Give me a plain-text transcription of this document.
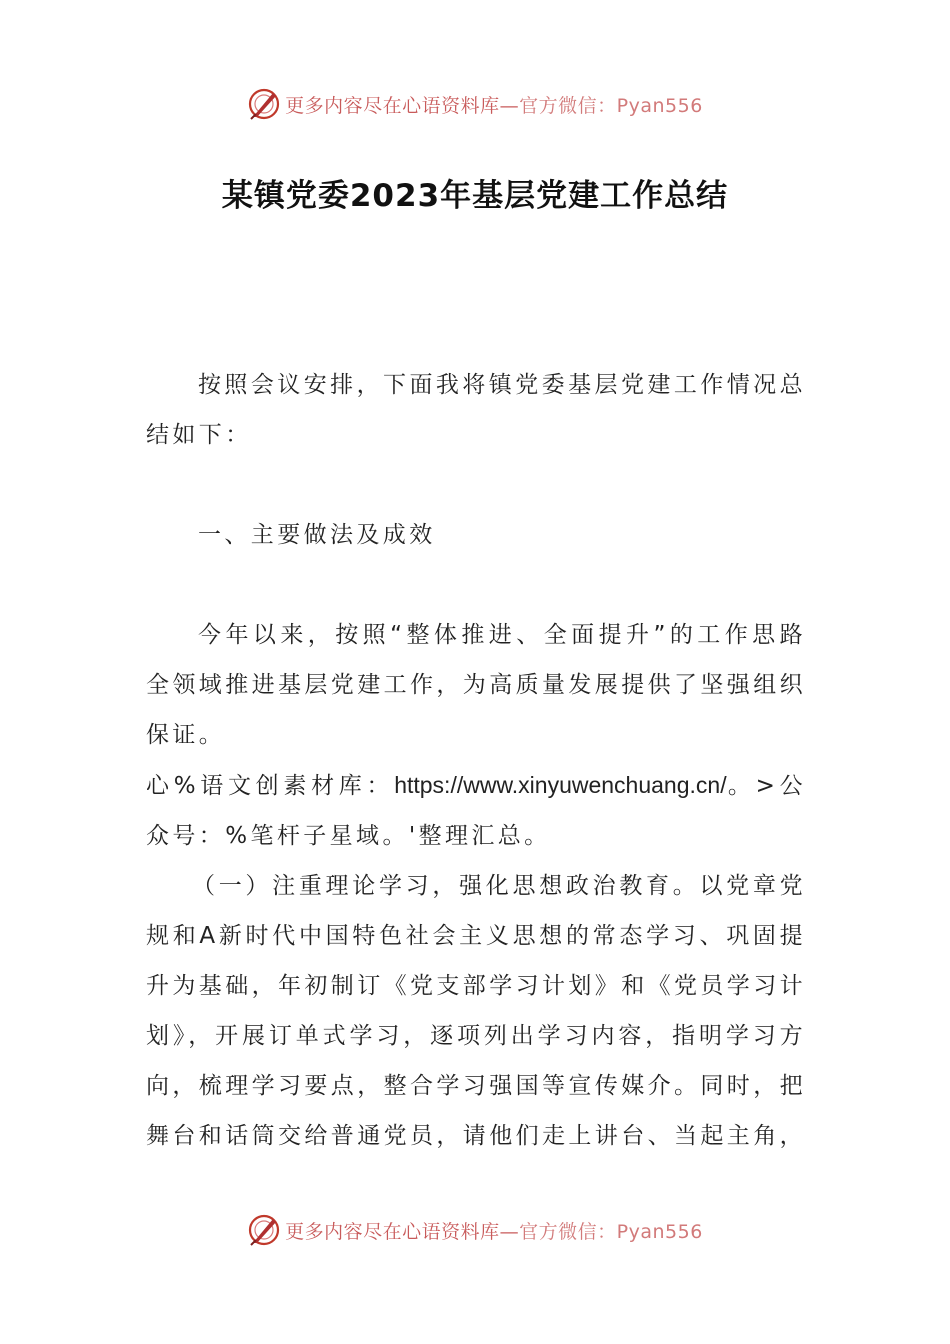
更多内容尽在心语资料库—官方微信：Pyan556
某镇党委2023年基层党建工作总结

按照会议安排，下面我将镇党委基层党建工作情况总结如下：

一、主要做法及成效

今年以来，按照“整体推进、全面提升”的工作思路全领域推进基层党建工作，为高质量发展提供了坚强组织保证。

心%语文创素材库：https://www.xinyuwenchuang.cn/。>公众号：%笔杆子星域。'整理汇总。

（一）注重理论学习，强化思想政治教育。以党章党规和A新时代中国特色社会主义思想的常态学习、巩固提升为基础，年初制订《党支部学习计划》和《党员学习计划》，开展订单式学习，逐项列出学习内容，指明学习方向，梳理学习要点，整合学习强国等宣传媒介。同时，把舞台和话筒交给普通党员，请他们走上讲台、当起主角，

更多内容尽在心语资料库—官方微信：Pyan556
